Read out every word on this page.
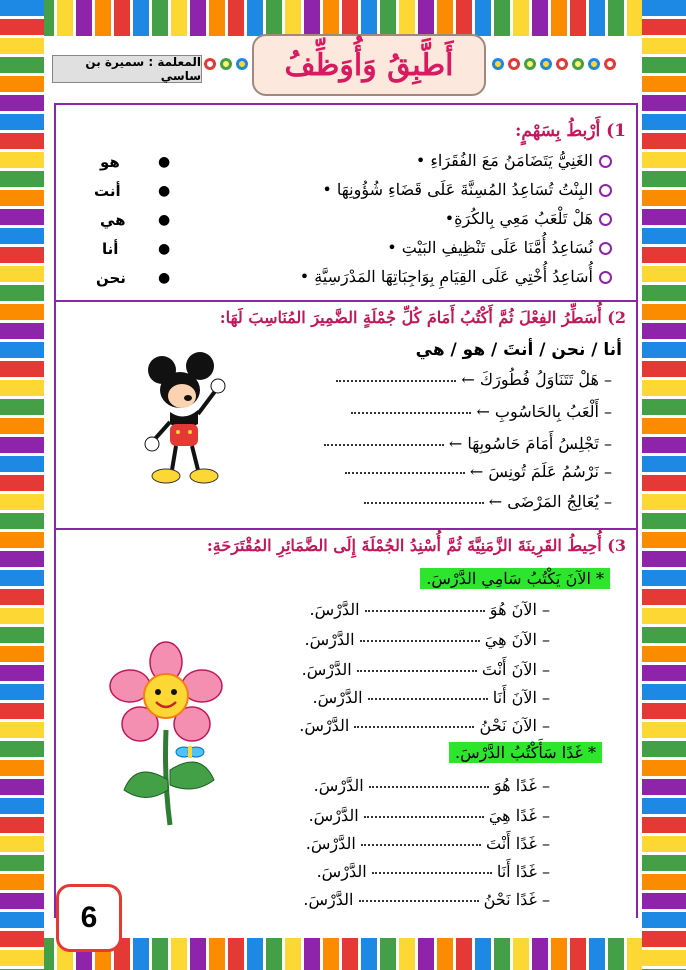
أَطَّبِقُ وَأُوَظِّفُ
المعلمة : سميرة بن ساسي
1) أَرْبطُ بِسَهْمٍ:
الغَنِيُّ يَتَضَامَنُ مَعَ الفُقَرَاءِ •
البِنْتُ تُسَاعِدُ المُسِنَّةَ عَلَى قَضَاءِ شُؤُونِهَا •
هَلْ تَلْعَبُ مَعِي بِالكُرَةِ•
نُسَاعِدُ أُمَّنَا عَلَى تَنْظِيفِ البَيْتِ •
أُسَاعِدُ أُخْتِي عَلَى القِيَامِ بِوَاجِبَاتِهَا المَدْرَسِيَّةِ •
●
●
●
●
●
هو
أنت
هي
أنا
نحن
2) أُسَطِّرُ الفِعْلَ ثُمَّ أَكْتُبُ أَمَامَ كُلِّ جُمْلَةٍ الضَّمِيرَ المُنَاسِبَ لَهَا:
أنا / نحن / أنتَ / هو / هي
– هَلْ تَتَنَاوَلُ فُطُورَكَ ←
– أَلْعَبُ بِالحَاسُوبِ ←
– تَجْلِسُ أَمَامَ حَاسُوبِهَا ←
– نَرْسُمُ عَلَمَ تُونِسَ ←
– يُعَالِجُ المَرْضَى ←
3) أُحِيطُ القَرِينَةَ الزَّمَنِيَّةَ ثُمَّ أُسْنِدُ الجُمْلَةَ إِلَى الضَّمَائِرِ المُقْتَرَحَةِ:
* الآنَ يَكْتُبُ سَامِي الدَّرْسَ.
– الآنَ هُوَ  الدَّرْسَ.
– الآنَ هِيَ  الدَّرْسَ.
– الآنَ أَنْتَ  الدَّرْسَ.
– الآنَ أَنَا  الدَّرْسَ.
– الآنَ نَحْنُ  الدَّرْسَ.
* غَدًا سَأَكْتُبُ الدَّرْسَ.
– غَدًا هُوَ  الدَّرْسَ.
– غَدًا هِيَ  الدَّرْسَ.
– غَدًا أَنْتَ  الدَّرْسَ.
– غَدًا أَنَا  الدَّرْسَ.
– غَدًا نَحْنُ  الدَّرْسَ.
6
